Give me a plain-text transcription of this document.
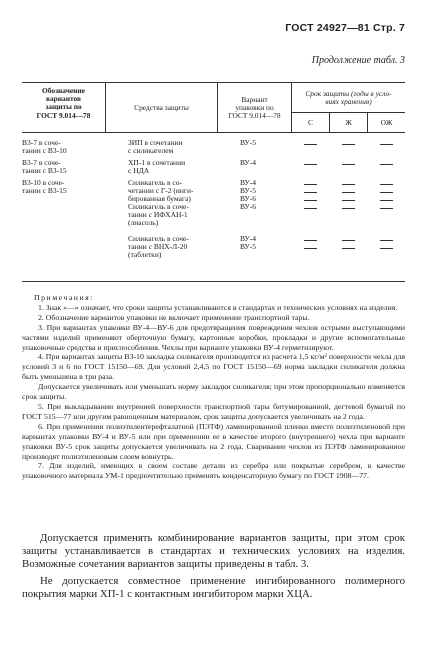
ГОСТ 24927—81 Стр. 7
Продолжение табл. 3
Обозначение
вариантов
защиты по
ГОСТ 9.014—78
Средства защиты
Вариант
упаковки по
ГОСТ 9.014—78
Срок защиты (годы в усло-
виях хранения)
С	Ж	ОЖ
В3-7 в соче-
тании с В3-10
В3-7 в соче-
тании с В3-15
В3-10 в соче-
тании с В3-15
ЗИП в сочетании
с силикагелем
ХП-1 в сочетании
с НДА
Силикагель в со-
четании с Г-2 (инги-
бированная бумага)
Силикагель в соче-
тании с ИФХАН-1
(лиасоль)
Силикагель в соче-
тании с ВНХ-Л-20
(таблетки)
ВУ-5
ВУ-4
ВУ-4
ВУ-5
ВУ-6
ВУ-6
ВУ-4
ВУ-5
Примечания:

1. Знак «—» означает, что сроки защиты устанавливаются в стандартах и технических условиях на изделия.

2. Обозначение вариантов упаковки не включает применение транспортной тары.

3. При вариантах упаковки ВУ-4—ВУ-6 для предотвращения повреждения чехлов острыми выступающими частями изделий применяют оберточную бумагу, картонные коробки, прокладки и другие вспомогательные упаковочные средства и приспособления. Чехлы при варианте упаковки ВУ-4 герметизируют.

4. При вариантах защиты В3-10 закладка силикагеля производится из расчета 1,5 кг/м² поверхности чехла для условий 3 и 6 по ГОСТ 15150—69. Для условий 2,4,5 по ГОСТ 15150—69 норма закладки силикагеля должна быть уменьшена в три раза.

Допускается увеличивать или уменьшать норму закладки силикагеля; при этом пропорционально изменяется срок защиты.

5. При выкладывании внутренней поверхности транспортной тары битумированной, дегтевой бумагой по ГОСТ 515—77 или другим равноценным материалом, срок защиты допускается увеличивать на 2 года.

6. При применении полиэтилентерефталатной (ПЭТФ) ламинированной пленки вместо полиэтиленовой при вариантах упаковки ВУ-4 и ВУ-5 или при применении ее в качестве второго (внутреннего) чехла при варианте упаковки ВУ-5 срок защиты допускается увеличивать на 2 года. Сваривание чехлов из ПЭТФ ламинированное производят полиэтиленовым слоем вовнутрь.

7. Для изделий, имеющих в своем составе детали из серебра или покрытые серебром, в качестве упаковочного материала УМ-1 предпочтительно применять конденсаторную бумагу по ГОСТ 1908—77.

Допускается применять комбинирование вариантов защиты, при этом срок защиты устанавливается в стандартах и технических условиях на изделия. Возможные сочетания вариантов защиты приведены в табл. 3.

Не допускается совместное применение ингибированного полимерного покрытия марки ХП-1 с контактным ингибитором марки ХЦА.
